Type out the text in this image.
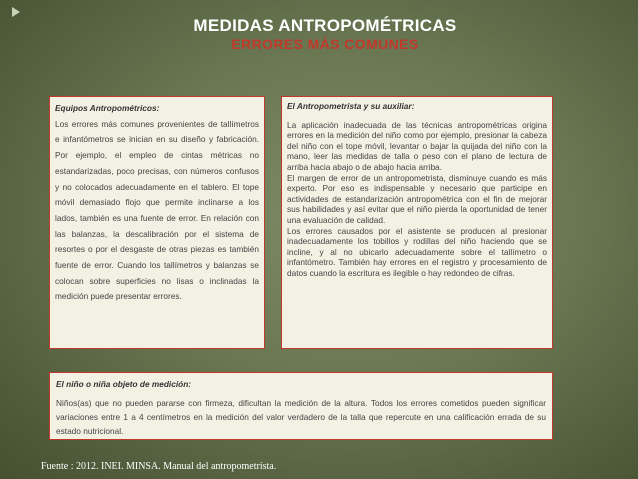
MEDIDAS ANTROPOMÉTRICAS
ERRORES MÁS COMUNES
Equipos Antropométricos:
Los errores más comunes provenientes de tallímetros e infantómetros se inician en su diseño y fabricación. Por ejemplo, el empleo de cintas métricas no estandarizadas, poco precisas, con números confusos y no colocados adecuadamente en el tablero. El tope móvil demasiado flojo que permite inclinarse a los lados, también es una fuente de error. En relación con las balanzas, la descalibración por el sistema de resortes o por el desgaste de otras piezas es también fuente de error. Cuando los tallímetros y balanzas se colocan sobre superficies no lisas o inclinadas la medición puede presentar errores.
El Antropometrista y su auxiliar:

La aplicación inadecuada de las técnicas antropométricas origina errores en la medición del niño como por ejemplo, presionar la cabeza del niño con el tope móvil, levantar o bajar la quijada del niño con la mano, leer las medidas de talla o peso con el plano de lectura de arriba hacia abajo o de abajo hacia arriba.

El margen de error de un antropometrista, disminuye cuando es más experto. Por eso es indispensable y necesario que participe en actividades de estandarización antropométrica con el fin de mejorar sus habilidades y así evitar que el niño pierda la oportunidad de tener una evaluación de calidad.

Los errores causados por el asistente se producen al presionar inadecuadamente los tobillos y rodillas del niño haciendo que se incline, y al no ubicarlo adecuadamente sobre el tallímetro o infantómetro. También hay errores en el registro y procesamiento de datos cuando la escritura es ilegible o hay redondeo de cifras.

El niño o niña objeto de medición:
Niños(as) que no pueden pararse con firmeza, dificultan la medición de la altura. Todos los errores cometidos pueden significar variaciones entre 1 a 4 centímetros en la medición del valor verdadero de la talla que repercute en una calificación errada de su estado nutricional.
Fuente : 2012. INEI. MINSA. Manual del antropometrista.
